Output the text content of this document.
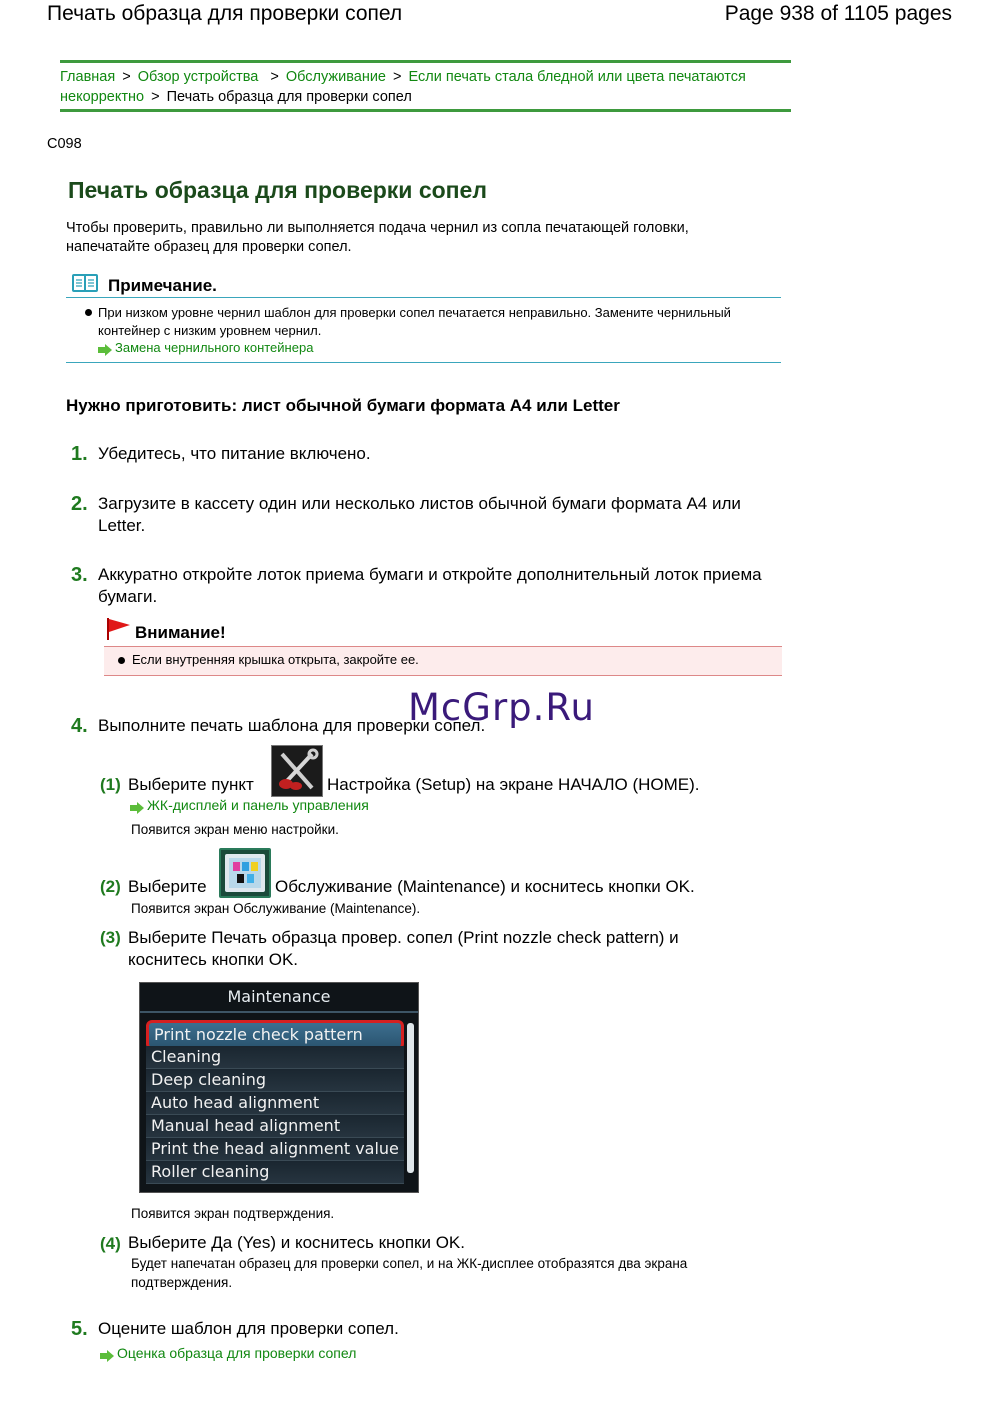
Печать образца для проверки сопел	Page 938 of 1105 pages
Главная > Обзор устройства > Обслуживание > Если печать стала бледной или цвета печатаются некорректно > Печать образца для проверки сопел
C098
Печать образца для проверки сопел
Чтобы проверить, правильно ли выполняется подача чернил из сопла печатающей головки, напечатайте образец для проверки сопел.
Примечание.
При низком уровне чернил шаблон для проверки сопел печатается неправильно. Замените чернильный контейнер с низким уровнем чернил.
Замена чернильного контейнера
Нужно приготовить: лист обычной бумаги формата A4 или Letter
1. Убедитесь, что питание включено.
2. Загрузите в кассету один или несколько листов обычной бумаги формата A4 или Letter.
3. Аккуратно откройте лоток приема бумаги и откройте дополнительный лоток приема бумаги.
Внимание!
Если внутренняя крышка открыта, закройте ее.
McGrp.Ru
4. Выполните печать шаблона для проверки сопел.
(1) Выберите пункт	Настройка (Setup) на экране НАЧАЛО (HOME).
ЖК-дисплей и панель управления
Появится экран меню настройки.
(2) Выберите	Обслуживание (Maintenance) и коснитесь кнопки OK.
Появится экран Обслуживание (Maintenance).
(3) Выберите Печать образца провер. сопел (Print nozzle check pattern) и коснитесь кнопки OK.
Maintenance
Print nozzle check pattern
Cleaning
Deep cleaning
Auto head alignment
Manual head alignment
Print the head alignment value
Roller cleaning
Появится экран подтверждения.
(4) Выберите Да (Yes) и коснитесь кнопки OK.
Будет напечатан образец для проверки сопел, и на ЖК-дисплее отобразятся два экрана подтверждения.
5. Оцените шаблон для проверки сопел.
Оценка образца для проверки сопел
